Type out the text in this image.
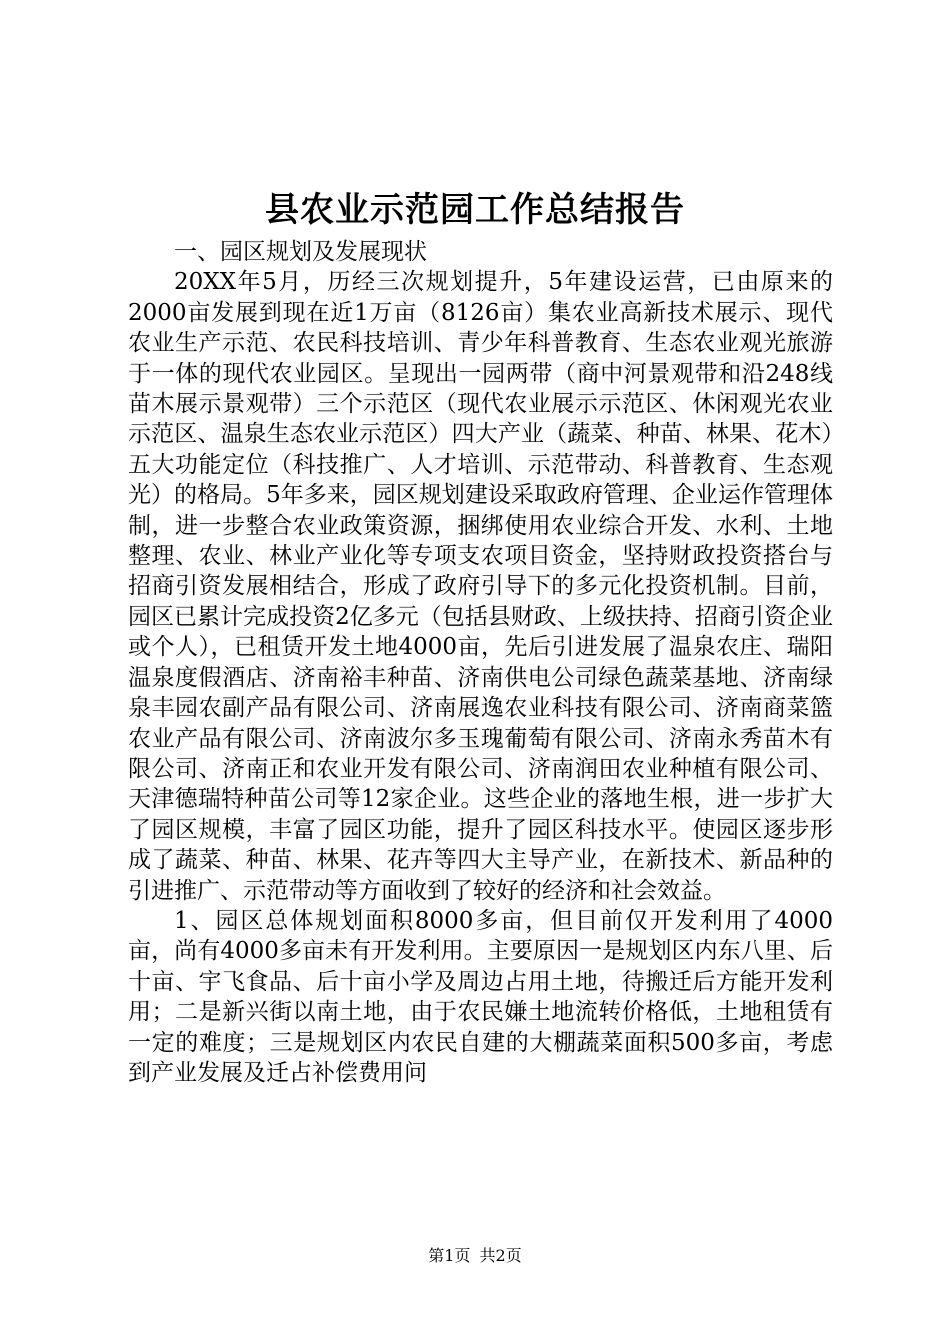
县农业示范园工作总结报告

一、园区规划及发展现状

20XX年5月，历经三次规划提升，5年建设运营，已由原来的2000亩发展到现在近1万亩（8126亩）集农业高新技术展示、现代农业生产示范、农民科技培训、青少年科普教育、生态农业观光旅游于一体的现代农业园区。呈现出一园两带（商中河景观带和沿248线苗木展示景观带）三个示范区（现代农业展示示范区、休闲观光农业示范区、温泉生态农业示范区）四大产业（蔬菜、种苗、林果、花木）五大功能定位（科技推广、人才培训、示范带动、科普教育、生态观光）的格局。5年多来，园区规划建设采取政府管理、企业运作管理体制，进一步整合农业政策资源，捆绑使用农业综合开发、水利、土地整理、农业、林业产业化等专项支农项目资金，坚持财政投资搭台与招商引资发展相结合，形成了政府引导下的多元化投资机制。目前，园区已累计完成投资2亿多元（包括县财政、上级扶持、招商引资企业或个人），已租赁开发土地4000亩，先后引进发展了温泉农庄、瑞阳温泉度假酒店、济南裕丰种苗、济南供电公司绿色蔬菜基地、济南绿泉丰园农副产品有限公司、济南展逸农业科技有限公司、济南商菜篮农业产品有限公司、济南波尔多玉瑰葡萄有限公司、济南永秀苗木有限公司、济南正和农业开发有限公司、济南润田农业种植有限公司、天津德瑞特种苗公司等12家企业。这些企业的落地生根，进一步扩大了园区规模，丰富了园区功能，提升了园区科技水平。使园区逐步形成了蔬菜、种苗、林果、花卉等四大主导产业，在新技术、新品种的引进推广、示范带动等方面收到了较好的经济和社会效益。

1、园区总体规划面积8000多亩，但目前仅开发利用了4000亩，尚有4000多亩未有开发利用。主要原因一是规划区内东八里、后十亩、宇飞食品、后十亩小学及周边占用土地，待搬迁后方能开发利用；二是新兴街以南土地，由于农民嫌土地流转价格低，土地租赁有一定的难度；三是规划区内农民自建的大棚蔬菜面积500多亩，考虑到产业发展及迁占补偿费用问

第1页 共2页
